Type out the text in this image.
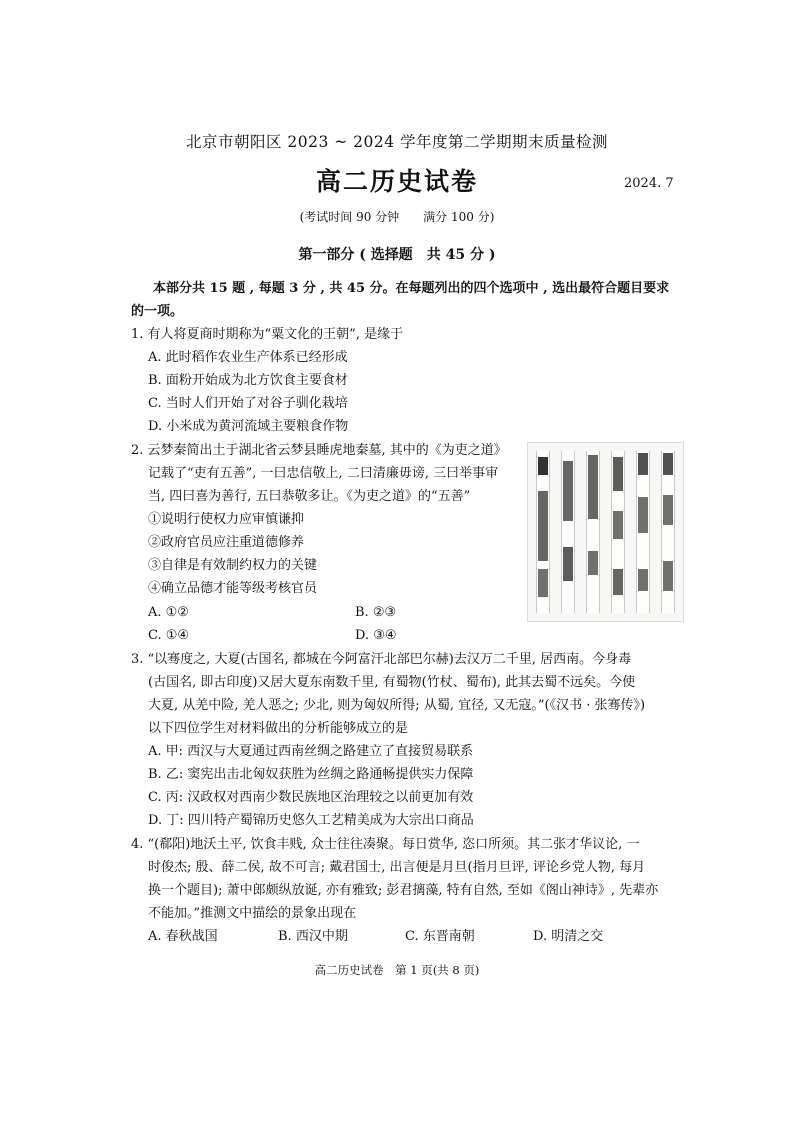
北京市朝阳区 2023 ~ 2024 学年度第二学期期末质量检测
高二历史试卷	2024. 7
(考试时间 90 分钟　　满分 100 分)
第一部分 ( 选择题　共 45 分 )
本部分共 15 题 , 每题 3 分 , 共 45 分。在每题列出的四个选项中 , 选出最符合题目要求
的一项。
1. 有人将夏商时期称为“粟文化的王朝”, 是缘于
A. 此时稻作农业生产体系已经形成
B. 面粉开始成为北方饮食主要食材
C. 当时人们开始了对谷子驯化栽培
D. 小米成为黄河流域主要粮食作物
2. 云梦秦简出土于湖北省云梦县睡虎地秦墓, 其中的《为吏之道》
记载了“吏有五善”, 一曰忠信敬上, 二曰清廉毋谤, 三曰举事审
当, 四曰喜为善行, 五曰恭敬多让。《为吏之道》的“五善”
①说明行使权力应审慎谦抑
②政府官员应注重道德修养
③自律是有效制约权力的关键
④确立品德才能等级考核官员
A. ①②	B. ②③
C. ①④	D. ③④
3. “以骞度之, 大夏(古国名, 都城在今阿富汗北部巴尔赫)去汉万二千里, 居西南。今身毒
(古国名, 即古印度)又居大夏东南数千里, 有蜀物(竹杖、蜀布), 此其去蜀不远矣。今使
大夏, 从羌中险, 羌人恶之; 少北, 则为匈奴所得; 从蜀, 宜径, 又无寇。”(《汉书 · 张骞传》)
以下四位学生对材料做出的分析能够成立的是
A. 甲: 西汉与大夏通过西南丝绸之路建立了直接贸易联系
B. 乙: 窦宪出击北匈奴获胜为丝绸之路通畅提供实力保障
C. 丙: 汉政权对西南少数民族地区治理较之以前更加有效
D. 丁: 四川特产蜀锦历史悠久工艺精美成为大宗出口商品
4. “(郗阳)地沃土平, 饮食丰贱, 众士往往凑聚。每日赏华, 恣口所须。其二张才华议论, 一
时俊杰; 殷、薛二侯, 故不可言; 戴君国士, 出言便是月旦(指月旦评, 评论乡党人物, 每月
换一个题目); 萧中郎颇纵放诞, 亦有雅致; 彭君摛藻, 特有自然, 至如《阁山神诗》, 先辈亦
不能加。”推测文中描绘的景象出现在
A. 春秋战国	B. 西汉中期	C. 东晋南朝	D. 明清之交
高二历史试卷　第 1 页(共 8 页)
